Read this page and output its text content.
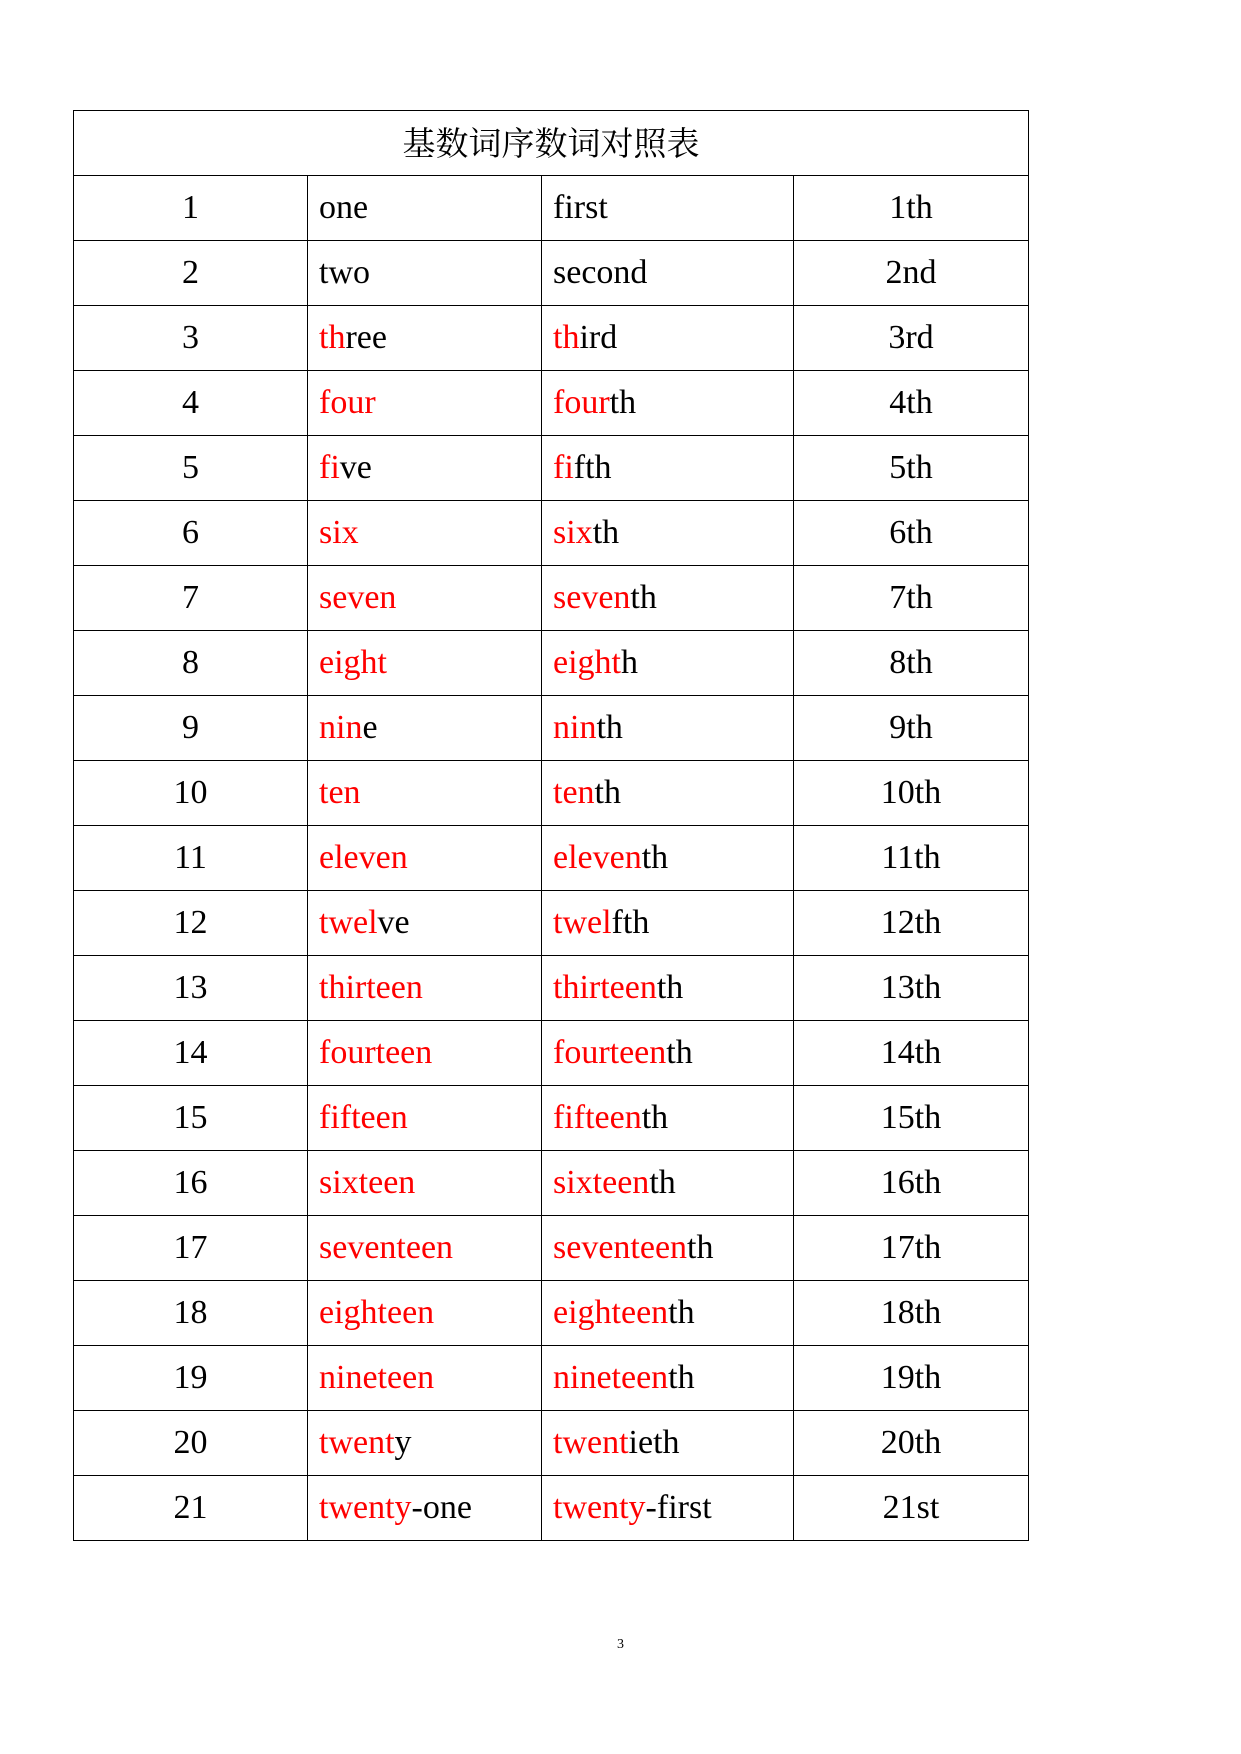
基数词序数词对照表			
1	one	first	1th
2	two	second	2nd
3	three	third	3rd
4	four	fourth	4th
5	five	fifth	5th
6	six	sixth	6th
7	seven	seventh	7th
8	eight	eighth	8th
9	nine	ninth	9th
10	ten	tenth	10th
11	eleven	eleventh	11th
12	twelve	twelfth	12th
13	thirteen	thirteenth	13th
14	fourteen	fourteenth	14th
15	fifteen	fifteenth	15th
16	sixteen	sixteenth	16th
17	seventeen	seventeenth	17th
18	eighteen	eighteenth	18th
19	nineteen	nineteenth	19th
20	twenty	twentieth	20th
21	twenty-one	twenty-first	21st
3
